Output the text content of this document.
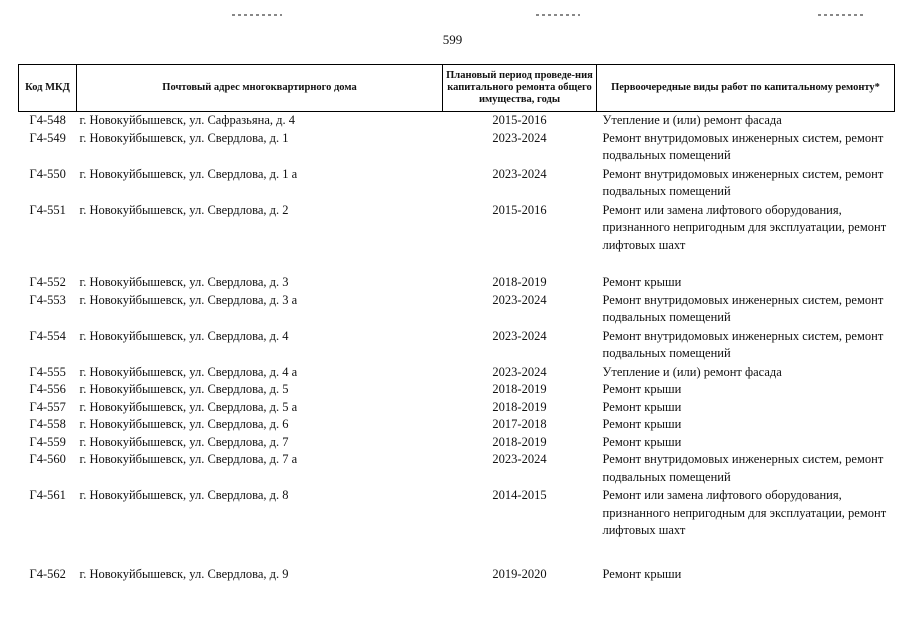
599
Код МКД	Почтовый адрес многоквартирного дома	Плановый период проведе-ния капитального ремонта общего имущества, годы	Первоочередные виды работ по капитальному ремонту*
Г4-548	г. Новокуйбышевск, ул. Сафразьяна, д. 4	2015-2016	Утепление и (или) ремонт фасада
Г4-549	г. Новокуйбышевск, ул. Свердлова, д. 1	2023-2024	Ремонт внутридомовых инженерных систем, ремонт подвальных помещений
Г4-550	г. Новокуйбышевск, ул. Свердлова, д. 1 а	2023-2024	Ремонт внутридомовых инженерных систем, ремонт подвальных помещений
Г4-551	г. Новокуйбышевск, ул. Свердлова, д. 2	2015-2016	Ремонт или замена лифтового оборудования, признанного непригодным для эксплуатации, ремонт лифтовых шахт
Г4-552	г. Новокуйбышевск, ул. Свердлова, д. 3	2018-2019	Ремонт крыши
Г4-553	г. Новокуйбышевск, ул. Свердлова, д. 3 а	2023-2024	Ремонт внутридомовых инженерных систем, ремонт подвальных помещений
Г4-554	г. Новокуйбышевск, ул. Свердлова, д. 4	2023-2024	Ремонт внутридомовых инженерных систем, ремонт подвальных помещений
Г4-555	г. Новокуйбышевск, ул. Свердлова, д. 4 а	2023-2024	Утепление и (или) ремонт фасада
Г4-556	г. Новокуйбышевск, ул. Свердлова, д. 5	2018-2019	Ремонт крыши
Г4-557	г. Новокуйбышевск, ул. Свердлова, д. 5 а	2018-2019	Ремонт крыши
Г4-558	г. Новокуйбышевск, ул. Свердлова, д. 6	2017-2018	Ремонт крыши
Г4-559	г. Новокуйбышевск, ул. Свердлова, д. 7	2018-2019	Ремонт крыши
Г4-560	г. Новокуйбышевск, ул. Свердлова, д. 7 а	2023-2024	Ремонт внутридомовых инженерных систем, ремонт подвальных помещений
Г4-561	г. Новокуйбышевск, ул. Свердлова, д. 8	2014-2015	Ремонт или замена лифтового оборудования, признанного непригодным для эксплуатации, ремонт лифтовых шахт
Г4-562	г. Новокуйбышевск, ул. Свердлова, д. 9	2019-2020	Ремонт крыши
